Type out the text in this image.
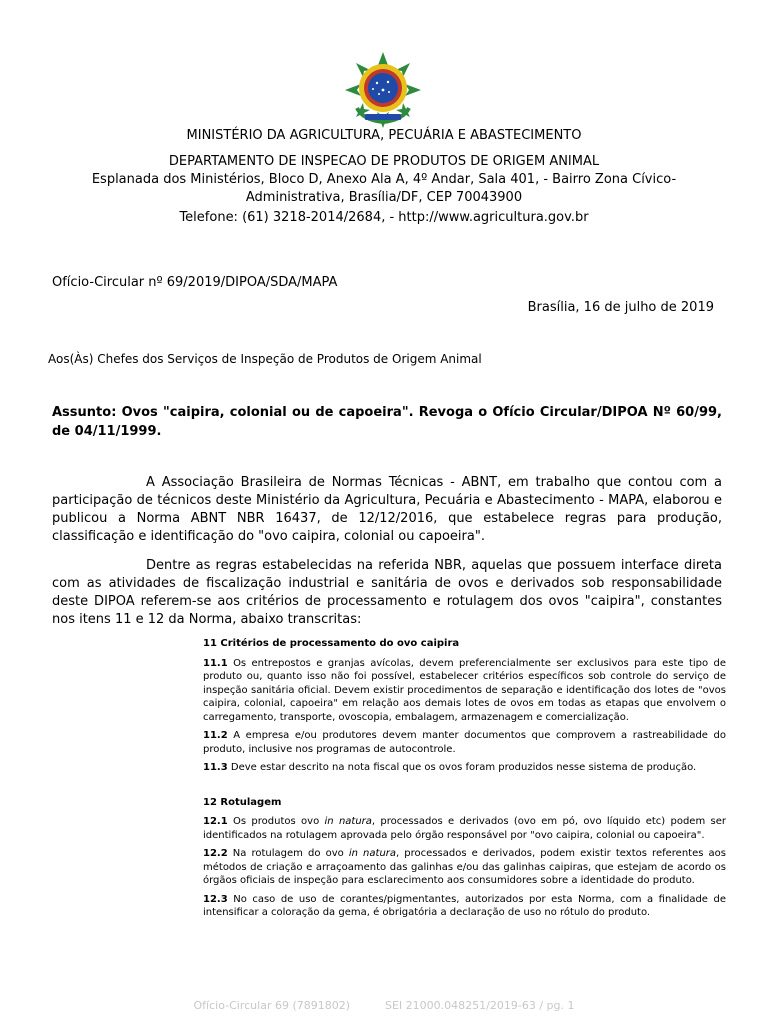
MINISTÉRIO DA AGRICULTURA, PECUÁRIA E ABASTECIMENTO
DEPARTAMENTO DE INSPECAO DE PRODUTOS DE ORIGEM ANIMAL
Esplanada dos Ministérios, Bloco D, Anexo Ala A, 4º Andar, Sala 401, - Bairro Zona Cívico-
Administrativa, Brasília/DF, CEP 70043900
Telefone: (61) 3218-2014/2684, - http://www.agricultura.gov.br
Ofício-Circular nº 69/2019/DIPOA/SDA/MAPA
Brasília, 16 de julho de 2019
Aos(Às) Chefes dos Serviços de Inspeção de Produtos de Origem Animal
Assunto: Ovos "caipira, colonial ou de capoeira". Revoga o Ofício Circular/DIPOA Nº 60/99, de 04/11/1999.
A Associação Brasileira de Normas Técnicas - ABNT, em trabalho que contou com a participação de técnicos deste Ministério da Agricultura, Pecuária e Abastecimento - MAPA, elaborou e publicou a Norma ABNT NBR 16437, de 12/12/2016, que estabelece regras para produção, classificação e identificação do "ovo caipira, colonial ou capoeira".
Dentre as regras estabelecidas na referida NBR, aquelas que possuem interface direta com as atividades de fiscalização industrial e sanitária de ovos e derivados sob responsabilidade deste DIPOA referem-se aos critérios de processamento e rotulagem dos ovos "caipira", constantes nos itens 11 e 12 da Norma, abaixo transcritas:

11 Critérios de processamento do ovo caipira

11.1 Os entrepostos e granjas avícolas, devem preferencialmente ser exclusivos para este tipo de produto ou, quanto isso não foi possível, estabelecer critérios específicos sob controle do serviço de inspeção sanitária oficial. Devem existir procedimentos de separação e identificação dos lotes de "ovos caipira, colonial, capoeira" em relação aos demais lotes de ovos em todas as etapas que envolvem o carregamento, transporte, ovoscopia, embalagem, armazenagem e comercialização.

11.2 A empresa e/ou produtores devem manter documentos que comprovem a rastreabilidade do produto, inclusive nos programas de autocontrole.

11.3 Deve estar descrito na nota fiscal que os ovos foram produzidos nesse sistema de produção.

12 Rotulagem

12.1 Os produtos ovo in natura, processados e derivados (ovo em pó, ovo líquido etc) podem ser identificados na rotulagem aprovada pelo órgão responsável por "ovo caipira, colonial ou capoeira".

12.2 Na rotulagem do ovo in natura, processados e derivados, podem existir textos referentes aos métodos de criação e arraçoamento das galinhas e/ou das galinhas caipiras, que estejam de acordo os órgãos oficiais de inspeção para esclarecimento aos consumidores sobre a identidade do produto.

12.3 No caso de uso de corantes/pigmentantes, autorizados por esta Norma, com a finalidade de intensificar a coloração da gema, é obrigatória a declaração de uso no rótulo do produto.

Ofício-Circular 69 (7891802)	SEI 21000.048251/2019-63 / pg. 1
